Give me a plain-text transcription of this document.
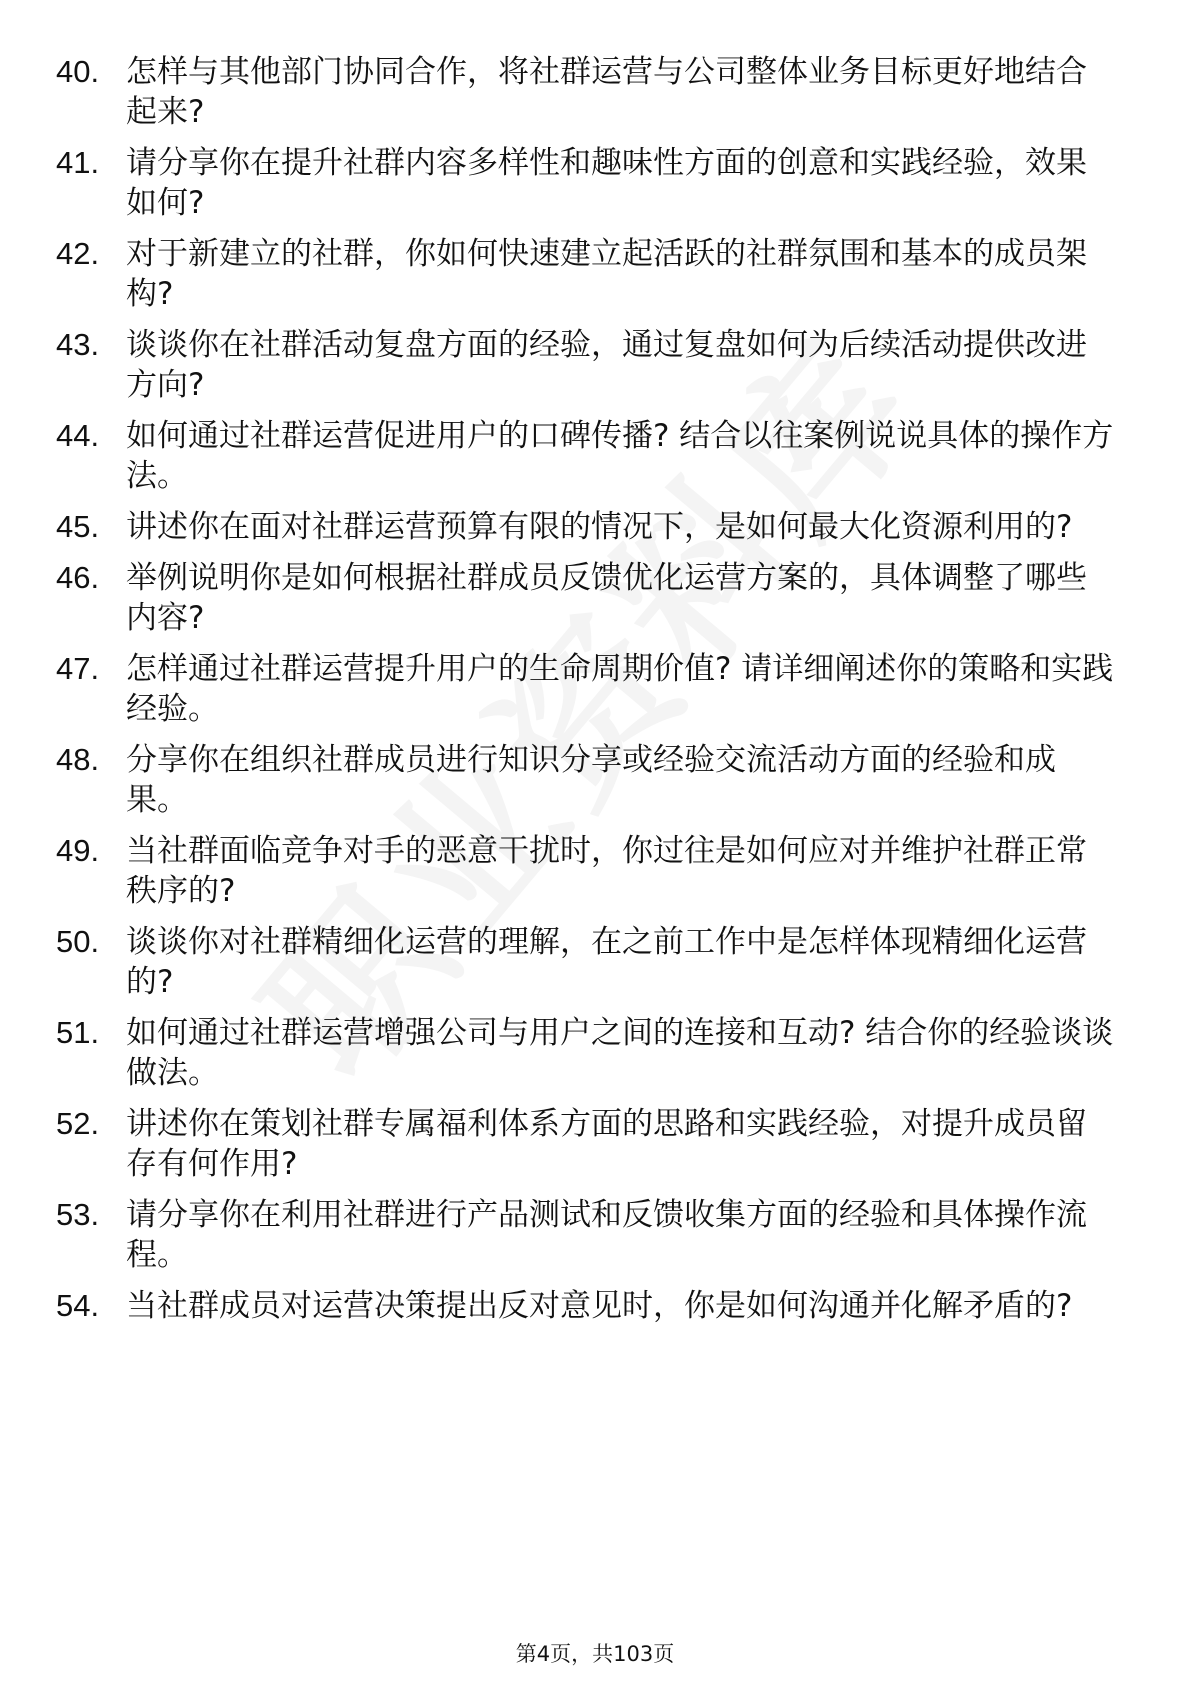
40. 怎样与其他部门协同合作，将社群运营与公司整体业务目标更好地结合起来?
41. 请分享你在提升社群内容多样性和趣味性方面的创意和实践经验，效果如何?
42. 对于新建立的社群，你如何快速建立起活跃的社群氛围和基本的成员架构?
43. 谈谈你在社群活动复盘方面的经验，通过复盘如何为后续活动提供改进方向?
44. 如何通过社群运营促进用户的口碑传播? 结合以往案例说说具体的操作方法。
45. 讲述你在面对社群运营预算有限的情况下，是如何最大化资源利用的?
46. 举例说明你是如何根据社群成员反馈优化运营方案的，具体调整了哪些内容?
47. 怎样通过社群运营提升用户的生命周期价值? 请详细阐述你的策略和实践经验。
48. 分享你在组织社群成员进行知识分享或经验交流活动方面的经验和成果。
49. 当社群面临竞争对手的恶意干扰时，你过往是如何应对并维护社群正常秩序的?
50. 谈谈你对社群精细化运营的理解，在之前工作中是怎样体现精细化运营的?
51. 如何通过社群运营增强公司与用户之间的连接和互动? 结合你的经验谈谈做法。
52. 讲述你在策划社群专属福利体系方面的思路和实践经验，对提升成员留存有何作用?
53. 请分享你在利用社群进行产品测试和反馈收集方面的经验和具体操作流程。
54. 当社群成员对运营决策提出反对意见时，你是如何沟通并化解矛盾的?
第4页，共103页
